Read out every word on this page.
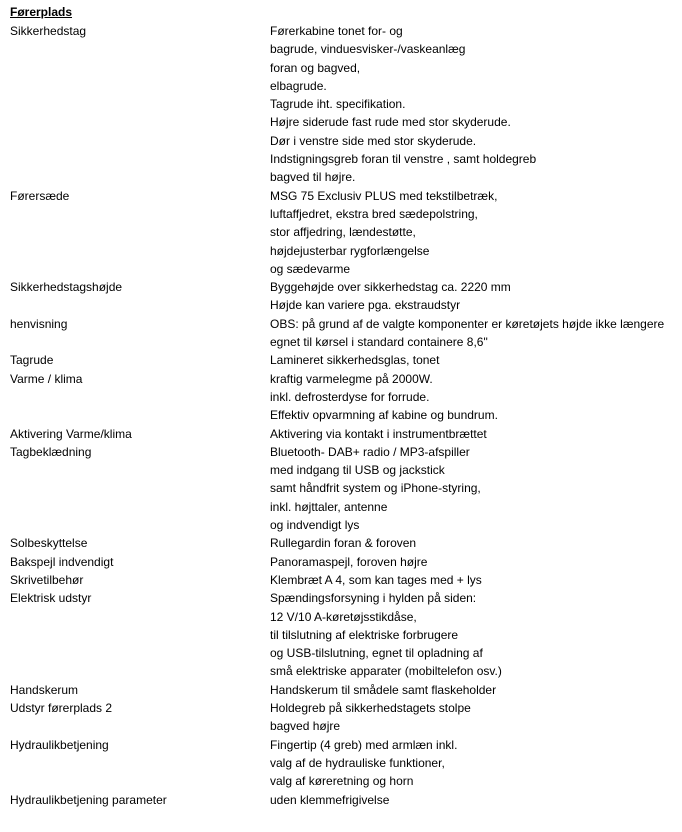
Førerplads
Sikkerhedstag	Førerkabine tonet for- og
bagrude, vinduesvisker-/vaskeanlæg
foran og bagved,
elbagrude.
Tagrude iht. specifikation.
Højre siderude fast rude med stor skyderude.
Dør i venstre side med stor skyderude.
Indstigningsgreb foran til venstre , samt holdegreb
bagved til højre.
Førersæde	MSG 75 Exclusiv PLUS med tekstilbetræk,
luftaffjedret, ekstra bred sædepolstring,
stor affjedring, lændestøtte,
højdejusterbar rygforlængelse
og sædevarme
Sikkerhedstagshøjde	Byggehøjde over sikkerhedstag ca. 2220 mm
Højde kan variere pga. ekstraudstyr
henvisning	OBS: på grund af de valgte komponenter er køretøjets højde ikke længere
egnet til kørsel i standard containere 8,6"
Tagrude	Lamineret sikkerhedsglas, tonet
Varme / klima	kraftig varmelegme på 2000W.
inkl. defrosterdyse for forrude.
Effektiv opvarmning af kabine og bundrum.
Aktivering Varme/klima	Aktivering via kontakt i instrumentbrættet
Tagbeklædning	Bluetooth- DAB+ radio / MP3-afspiller
med indgang til USB og jackstick
samt håndfrit system og iPhone-styring,
inkl. højttaler, antenne
og indvendigt lys
Solbeskyttelse	Rullegardin foran & foroven
Bakspejl indvendigt	Panoramaspejl, foroven højre
Skrivetilbehør	Klembræt A 4, som kan tages med + lys
Elektrisk udstyr	Spændingsforsyning i hylden på siden:
12 V/10 A-køretøjsstikdåse,
til tilslutning af elektriske forbrugere
og USB-tilslutning, egnet til opladning af
små elektriske apparater (mobiltelefon osv.)
Handskerum	Handskerum til smådele samt flaskeholder
Udstyr førerplads 2	Holdegreb på sikkerhedstagets stolpe
bagved højre
Hydraulikbetjening	Fingertip (4 greb) med armlæn inkl.
valg af de hydrauliske funktioner,
valg af køreretning og horn
Hydraulikbetjening parameter	uden klemmefrigivelse
